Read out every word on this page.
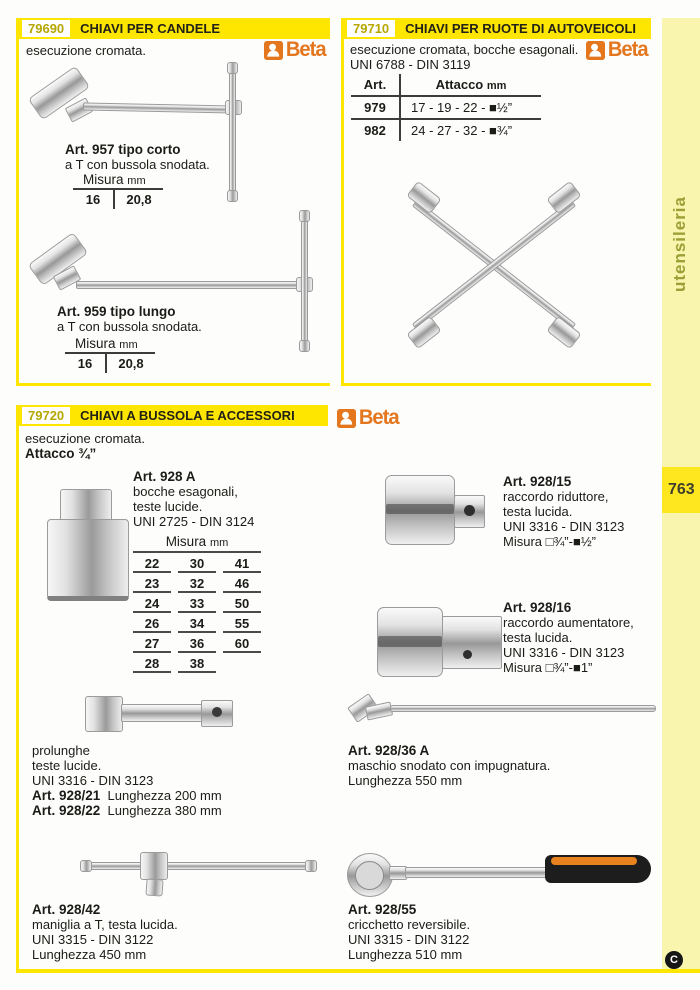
79690	CHIAVI PER CANDELE
esecuzione cromata.	Beta
Art. 957 tipo corto
a T con bussola snodata.
Misura mm
16	20,8
Art. 959 tipo lungo
a T con bussola snodata.
Misura mm
16	20,8
79710	CHIAVI PER RUOTE DI AUTOVEICOLI
esecuzione cromata, bocche esagonali.
UNI 6788 - DIN 3119
Beta
Art.	Attacco mm
979	17 - 19 - 22 - ■½”
982	24 - 27 - 32 - ■¾”
79720	CHIAVI A BUSSOLA E ACCESSORI	Beta
esecuzione cromata.
Attacco ¾”
Art. 928 A
bocche esagonali,
teste lucide.
UNI 2725 - DIN 3124
Misura mm
22	30	41
23	32	46
24	33	50
26	34	55
27	36	60
28	38
Art. 928/15
raccordo riduttore,
testa lucida.
UNI 3316 - DIN 3123
Misura □¾”-■½”
Art. 928/16
raccordo aumentatore,
testa lucida.
UNI 3316 - DIN 3123
Misura □¾”-■1”
prolunghe
teste lucide.
UNI 3316 - DIN 3123
Art. 928/21 Lunghezza 200 mm
Art. 928/22 Lunghezza 380 mm
Art. 928/36 A
maschio snodato con impugnatura.
Lunghezza 550 mm
Art. 928/42
maniglia a T, testa lucida.
UNI 3315 - DIN 3122
Lunghezza 450 mm
Art. 928/55
cricchetto reversibile.
UNI 3315 - DIN 3122
Lunghezza 510 mm
utensileria
763
C
